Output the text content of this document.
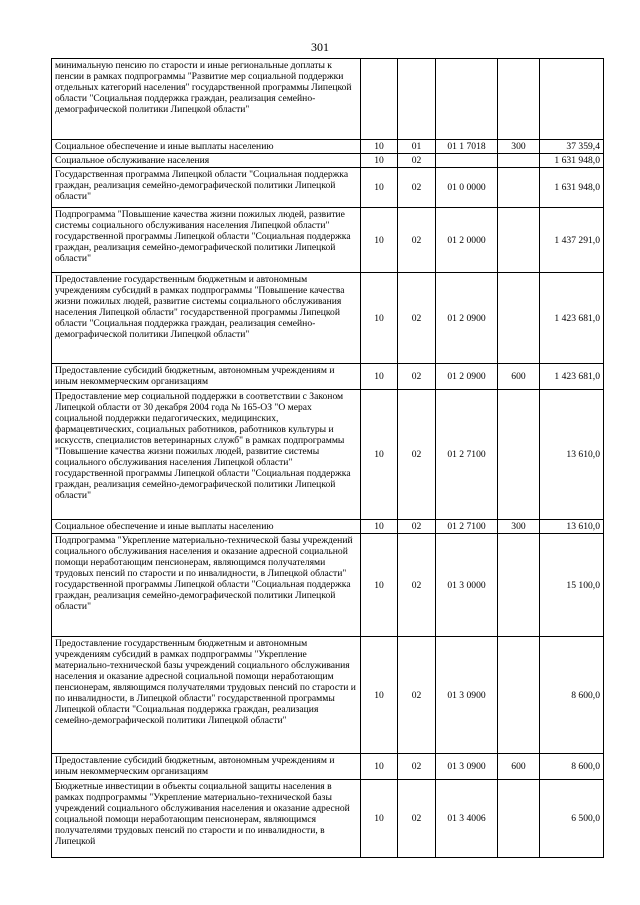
301
минимальную пенсию по старости и иные региональные доплаты к пенсии в рамках подпрограммы "Развитие мер социальной поддержки отдельных категорий населения" государственной программы Липецкой области "Социальная поддержка граждан, реализация семейно-демографической политики Липецкой области"					
Социальное обеспечение и иные выплаты населению	10	01	01 1 7018	300	37 359,4
Социальное обслуживание населения	10	02			1 631 948,0
Государственная программа Липецкой области "Социальная поддержка граждан, реализация семейно-демографической политики Липецкой области"	10	02	01 0 0000		1 631 948,0
Подпрограмма "Повышение качества жизни пожилых людей, развитие системы социального обслуживания населения Липецкой области" государственной программы Липецкой области "Социальная поддержка граждан, реализация семейно-демографической политики Липецкой области"	10	02	01 2 0000		1 437 291,0
Предоставление государственным бюджетным и автономным учреждениям субсидий в рамках подпрограммы "Повышение качества жизни пожилых людей, развитие системы социального обслуживания населения Липецкой области" государственной программы Липецкой области "Социальная поддержка граждан, реализация семейно-демографической политики Липецкой области"	10	02	01 2 0900		1 423 681,0
Предоставление субсидий бюджетным, автономным учреждениям и иным некоммерческим организациям	10	02	01 2 0900	600	1 423 681,0
Предоставление мер социальной поддержки в соответствии с Законом Липецкой области от 30 декабря 2004 года № 165-ОЗ "О мерах социальной поддержки педагогических, медицинских, фармацевтических, социальных работников, работников культуры и искусств, специалистов ветеринарных служб" в рамках подпрограммы "Повышение качества жизни пожилых людей, развитие системы социального обслуживания населения Липецкой области" государственной программы Липецкой области "Социальная поддержка граждан, реализация семейно-демографической политики Липецкой области"	10	02	01 2 7100		13 610,0
Социальное обеспечение и иные выплаты населению	10	02	01 2 7100	300	13 610,0
Подпрограмма "Укрепление материально-технической базы учреждений социального обслуживания населения и оказание адресной социальной помощи неработающим пенсионерам, являющимся получателями трудовых пенсий по старости и по инвалидности, в Липецкой области" государственной программы Липецкой области "Социальная поддержка граждан, реализация семейно-демографической политики Липецкой области"	10	02	01 3 0000		15 100,0
Предоставление государственным бюджетным и автономным учреждениям субсидий в рамках подпрограммы "Укрепление материально-технической базы учреждений социального обслуживания населения и оказание адресной социальной помощи неработающим пенсионерам, являющимся получателями трудовых пенсий по старости и по инвалидности, в Липецкой области" государственной программы Липецкой области "Социальная поддержка граждан, реализация семейно-демографической политики Липецкой области"	10	02	01 3 0900		8 600,0
Предоставление субсидий бюджетным, автономным учреждениям и иным некоммерческим организациям	10	02	01 3 0900	600	8 600,0
Бюджетные инвестиции в объекты социальной защиты населения в рамках подпрограммы "Укрепление материально-технической базы учреждений социального обслуживания населения и оказание адресной социальной помощи неработающим пенсионерам, являющимся получателями трудовых пенсий по старости и по инвалидности, в Липецкой	10	02	01 3 4006		6 500,0
